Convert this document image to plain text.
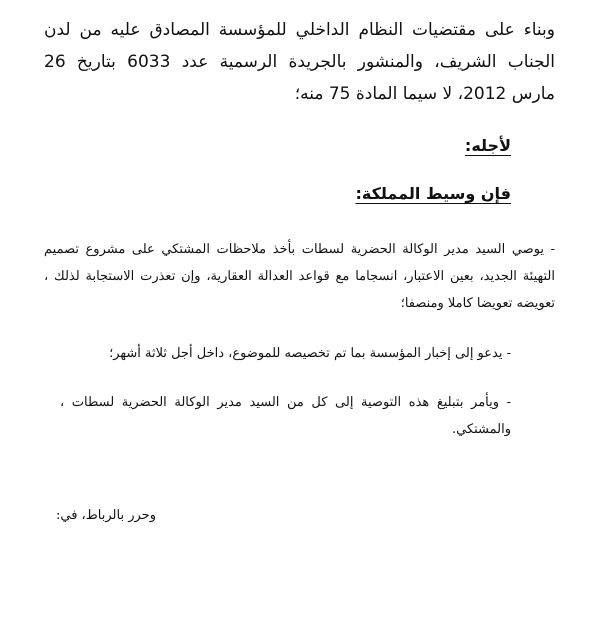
وبناء على مقتضيات النظام الداخلي للمؤسسة المصادق عليه من لدن الجناب الشريف، والمنشور بالجريدة الرسمية عدد 6033 بتاريخ 26 مارس 2012، لا سيما المادة 75 منه؛

لأجله:

فإن وسيط المملكة:

- يوصي السيد مدير الوكالة الحضرية لسطات بأخذ ملاحظات المشتكي على مشروع تصميم التهيئة الجديد، بعين الاعتبار، انسجاما مع قواعد العدالة العقارية، وإن تعذرت الاستجابة لذلك ، تعويضه تعويضا كاملا ومنصفا؛

- يدعو إلى إخبار المؤسسة بما تم تخصيصه للموضوع، داخل أجل ثلاثة أشهر؛

- ويأمر بتبليغ هذه التوصية إلى كل من السيد مدير الوكالة الحضرية لسطات ، والمشتكي.

وحرر بالرباط، في:
